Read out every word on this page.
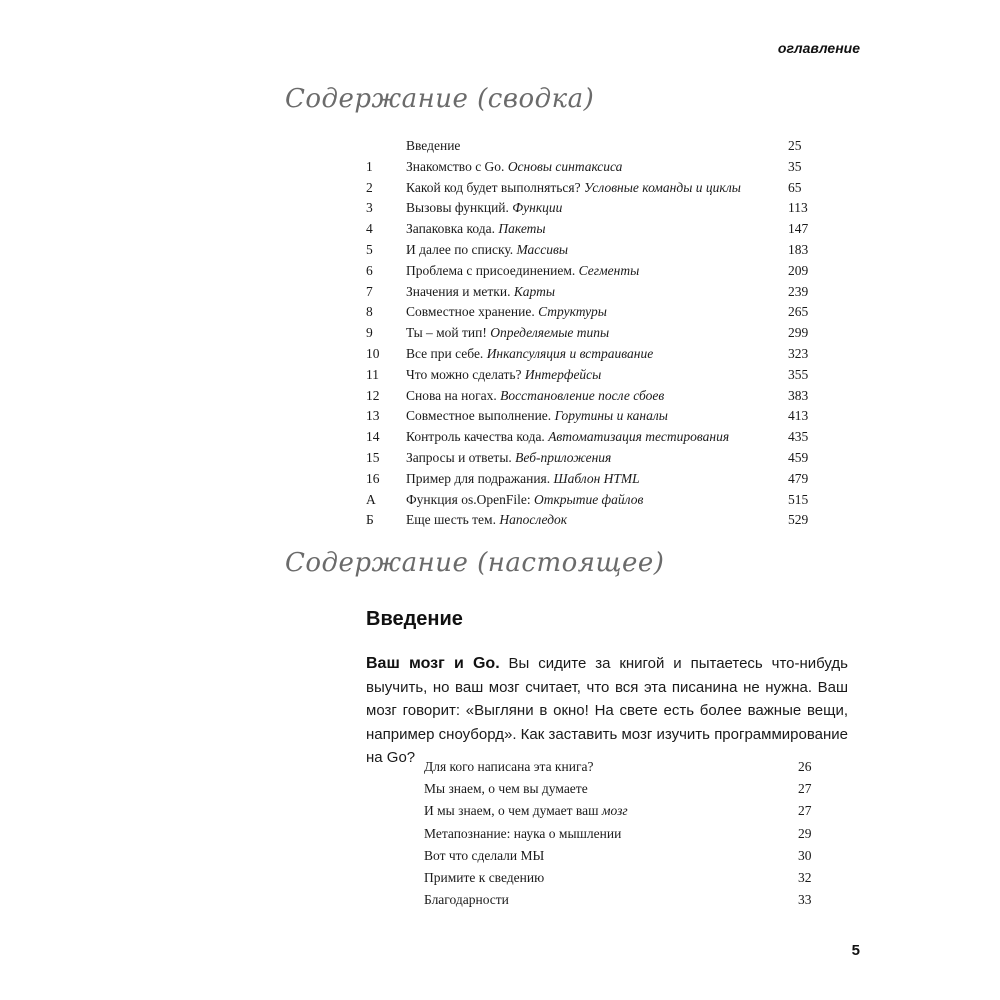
оглавление
Содержание (сводка)
Введение	25
1	Знакомство с Go. Основы синтаксиса	35
2	Какой код будет выполняться? Условные команды и циклы	65
3	Вызовы функций. Функции	113
4	Запаковка кода. Пакеты	147
5	И далее по списку. Массивы	183
6	Проблема с присоединением. Сегменты	209
7	Значения и метки. Карты	239
8	Совместное хранение. Структуры	265
9	Ты – мой тип! Определяемые типы	299
10	Все при себе. Инкапсуляция и встраивание	323
11	Что можно сделать? Интерфейсы	355
12	Снова на ногах. Восстановление после сбоев	383
13	Совместное выполнение. Горутины и каналы	413
14	Контроль качества кода. Автоматизация тестирования	435
15	Запросы и ответы. Веб-приложения	459
16	Пример для подражания. Шаблон HTML	479
А	Функция os.OpenFile: Открытие файлов	515
Б	Еще шесть тем. Напоследок	529
Содержание (настоящее)
Введение
Ваш мозг и Go. Вы сидите за книгой и пытаетесь что-нибудь выучить, но ваш мозг считает, что вся эта писанина не нужна. Ваш мозг говорит: «Выгляни в окно! На свете есть более важные вещи, например сноуборд». Как заставить мозг изучить программирование на Go?
Для кого написана эта книга?	26
Мы знаем, о чем вы думаете	27
И мы знаем, о чем думает ваш мозг	27
Метапознание: наука о мышлении	29
Вот что сделали МЫ	30
Примите к сведению	32
Благодарности	33
5
